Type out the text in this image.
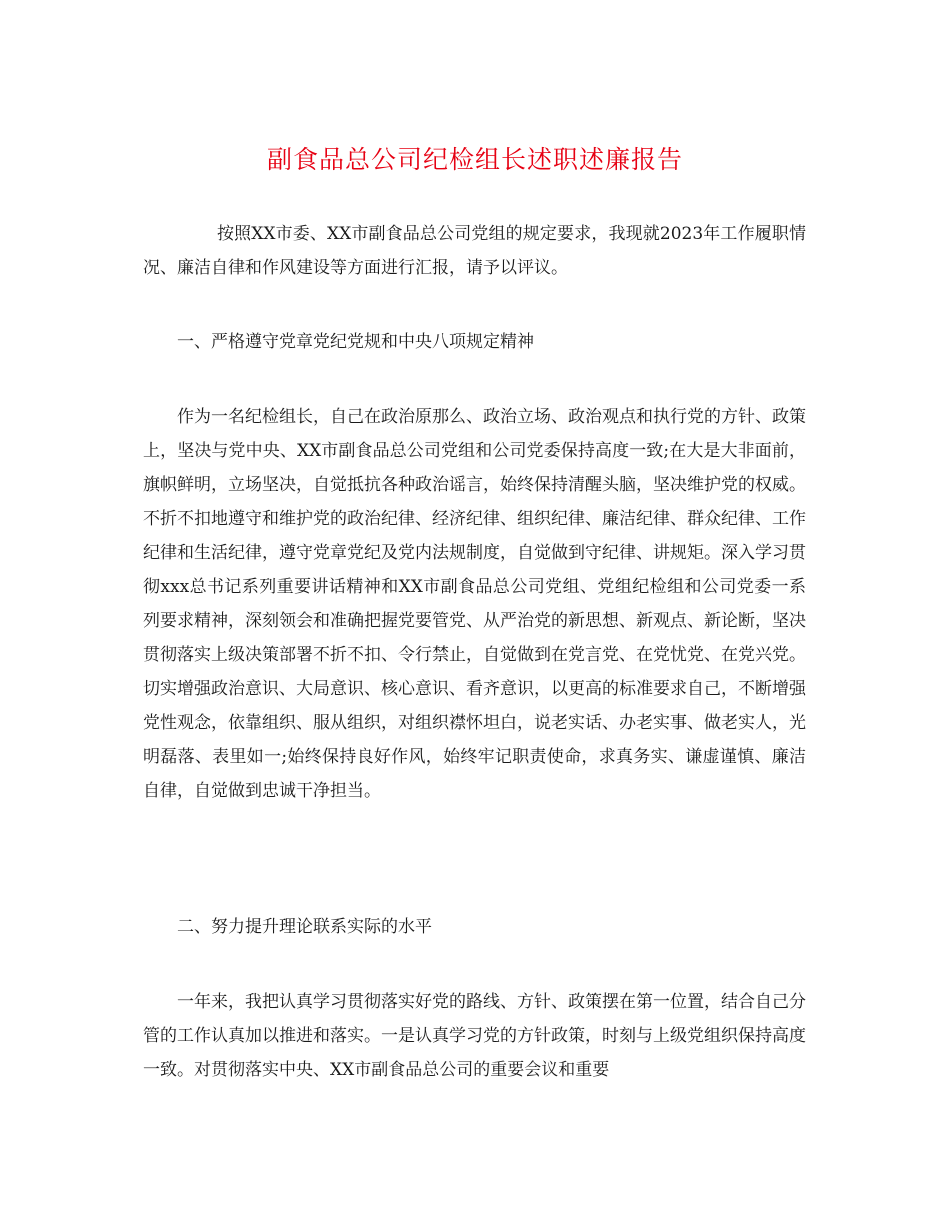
副食品总公司纪检组长述职述廉报告

按照XX市委、XX市副食品总公司党组的规定要求，我现就2023年工作履职情况、廉洁自律和作风建设等方面进行汇报，请予以评议。

一、严格遵守党章党纪党规和中央八项规定精神

作为一名纪检组长，自己在政治原那么、政治立场、政治观点和执行党的方针、政策上，坚决与党中央、XX市副食品总公司党组和公司党委保持高度一致;在大是大非面前，旗帜鲜明，立场坚决，自觉抵抗各种政治谣言，始终保持清醒头脑，坚决维护党的权威。不折不扣地遵守和维护党的政治纪律、经济纪律、组织纪律、廉洁纪律、群众纪律、工作纪律和生活纪律，遵守党章党纪及党内法规制度，自觉做到守纪律、讲规矩。深入学习贯彻xxx总书记系列重要讲话精神和XX市副食品总公司党组、党组纪检组和公司党委一系列要求精神，深刻领会和准确把握党要管党、从严治党的新思想、新观点、新论断，坚决贯彻落实上级决策部署不折不扣、令行禁止，自觉做到在党言党、在党忧党、在党兴党。切实增强政治意识、大局意识、核心意识、看齐意识，以更高的标准要求自己，不断增强党性观念，依靠组织、服从组织，对组织襟怀坦白，说老实话、办老实事、做老实人，光明磊落、表里如一;始终保持良好作风，始终牢记职责使命，求真务实、谦虚谨慎、廉洁自律，自觉做到忠诚干净担当。

二、努力提升理论联系实际的水平

一年来，我把认真学习贯彻落实好党的路线、方针、政策摆在第一位置，结合自己分管的工作认真加以推进和落实。一是认真学习党的方针政策，时刻与上级党组织保持高度一致。对贯彻落实中央、XX市副食品总公司的重要会议和重要
